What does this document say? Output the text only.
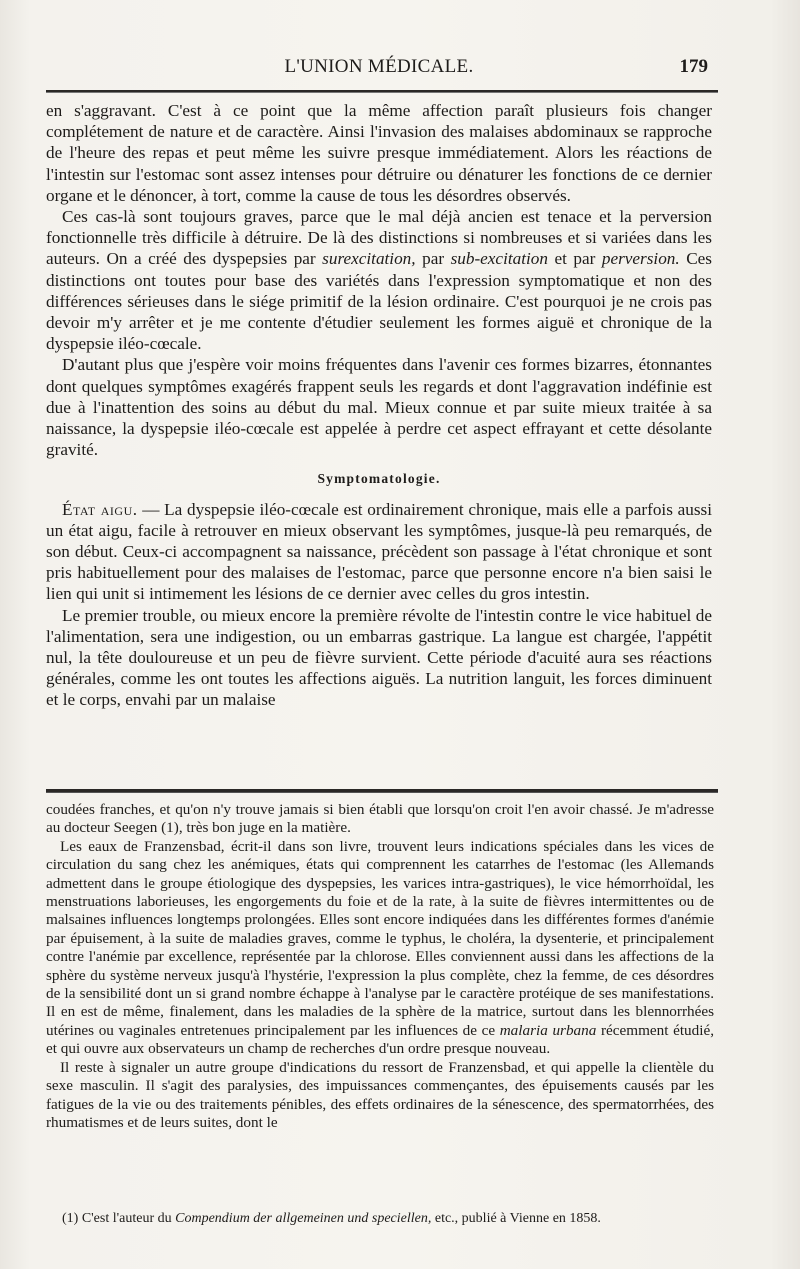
L'UNION MÉDICALE.	179

en s'aggravant. C'est à ce point que la même affection paraît plusieurs fois changer complétement de nature et de caractère. Ainsi l'invasion des malaises abdominaux se rapproche de l'heure des repas et peut même les suivre presque immédiatement. Alors les réactions de l'intestin sur l'estomac sont assez intenses pour détruire ou dénaturer les fonctions de ce dernier organe et le dénoncer, à tort, comme la cause de tous les désordres observés.

Ces cas-là sont toujours graves, parce que le mal déjà ancien est tenace et la perversion fonctionnelle très difficile à détruire. De là des distinctions si nombreuses et si variées dans les auteurs. On a créé des dyspepsies par surexcitation, par sub-excitation et par perversion. Ces distinctions ont toutes pour base des variétés dans l'expression symptomatique et non des différences sérieuses dans le siége primitif de la lésion ordinaire. C'est pourquoi je ne crois pas devoir m'y arrêter et je me contente d'étudier seulement les formes aiguë et chronique de la dyspepsie iléo-cœcale.

D'autant plus que j'espère voir moins fréquentes dans l'avenir ces formes bizarres, étonnantes dont quelques symptômes exagérés frappent seuls les regards et dont l'aggravation indéfinie est due à l'inattention des soins au début du mal. Mieux connue et par suite mieux traitée à sa naissance, la dyspepsie iléo-cœcale est appelée à perdre cet aspect effrayant et cette désolante gravité.

Symptomatologie.

État aigu. — La dyspepsie iléo-cœcale est ordinairement chronique, mais elle a parfois aussi un état aigu, facile à retrouver en mieux observant les symptômes, jusque-là peu remarqués, de son début. Ceux-ci accompagnent sa naissance, précèdent son passage à l'état chronique et sont pris habituellement pour des malaises de l'estomac, parce que personne encore n'a bien saisi le lien qui unit si intimement les lésions de ce dernier avec celles du gros intestin.

Le premier trouble, ou mieux encore la première révolte de l'intestin contre le vice habituel de l'alimentation, sera une indigestion, ou un embarras gastrique. La langue est chargée, l'appétit nul, la tête douloureuse et un peu de fièvre survient. Cette période d'acuité aura ses réactions générales, comme les ont toutes les affections aiguës. La nutrition languit, les forces diminuent et le corps, envahi par un malaise

coudées franches, et qu'on n'y trouve jamais si bien établi que lorsqu'on croit l'en avoir chassé. Je m'adresse au docteur Seegen (1), très bon juge en la matière.

Les eaux de Franzensbad, écrit-il dans son livre, trouvent leurs indications spéciales dans les vices de circulation du sang chez les anémiques, états qui comprennent les catarrhes de l'estomac (les Allemands admettent dans le groupe étiologique des dyspepsies, les varices intra-gastriques), le vice hémorrhoïdal, les menstruations laborieuses, les engorgements du foie et de la rate, à la suite de fièvres intermittentes ou de malsaines influences longtemps prolongées. Elles sont encore indiquées dans les différentes formes d'anémie par épuisement, à la suite de maladies graves, comme le typhus, le choléra, la dysenterie, et principalement contre l'anémie par excellence, représentée par la chlorose. Elles conviennent aussi dans les affections de la sphère du système nerveux jusqu'à l'hystérie, l'expression la plus complète, chez la femme, de ces désordres de la sensibilité dont un si grand nombre échappe à l'analyse par le caractère protéique de ses manifestations. Il en est de même, finalement, dans les maladies de la sphère de la matrice, surtout dans les blennorrhées utérines ou vaginales entretenues principalement par les influences de ce malaria urbana récemment étudié, et qui ouvre aux observateurs un champ de recherches d'un ordre presque nouveau.

Il reste à signaler un autre groupe d'indications du ressort de Franzensbad, et qui appelle la clientèle du sexe masculin. Il s'agit des paralysies, des impuissances commençantes, des épuisements causés par les fatigues de la vie ou des traitements pénibles, des effets ordinaires de la sénescence, des spermatorrhées, des rhumatismes et de leurs suites, dont le

(1) C'est l'auteur du Compendium der allgemeinen und speciellen, etc., publié à Vienne en 1858.
